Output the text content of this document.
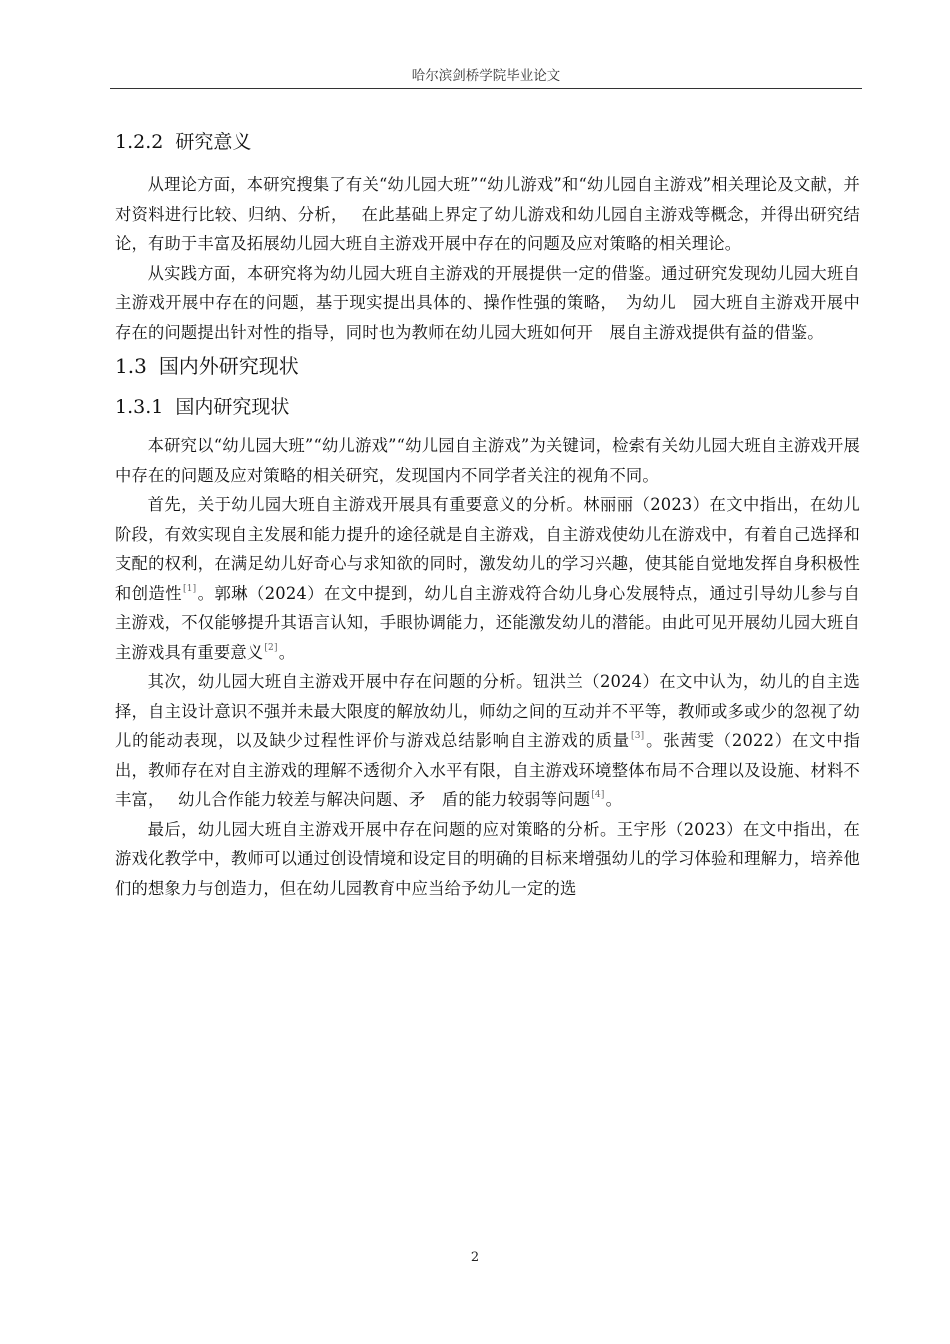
哈尔滨剑桥学院毕业论文
1.2.2 研究意义

从理论方面，本研究搜集了有关“幼儿园大班”“幼儿游戏”和“幼儿园自主游戏”相关理论及文献，并对资料进行比较、归纳、分析，　 在此基础上界定了幼儿游戏和幼儿园自主游戏等概念，并得出研究结论，有助于丰富及拓展幼儿园大班自主游戏开展中存在的问题及应对策略的相关理论。

从实践方面，本研究将为幼儿园大班自主游戏的开展提供一定的借鉴。通过研究发现幼儿园大班自主游戏开展中存在的问题，基于现实提出具体的、操作性强的策略，　为幼儿　园大班自主游戏开展中存在的问题提出针对性的指导，同时也为教师在幼儿园大班如何开　展自主游戏提供有益的借鉴。

1.3 国内外研究现状
1.3.1 国内研究现状

本研究以“幼儿园大班”“幼儿游戏”“幼儿园自主游戏”为关键词，检索有关幼儿园大班自主游戏开展中存在的问题及应对策略的相关研究，发现国内不同学者关注的视角不同。

首先，关于幼儿园大班自主游戏开展具有重要意义的分析。林丽丽（2023）在文中指出，在幼儿阶段，有效实现自主发展和能力提升的途径就是自主游戏，自主游戏使幼儿在游戏中，有着自己选择和支配的权利，在满足幼儿好奇心与求知欲的同时，激发幼儿的学习兴趣，使其能自觉地发挥自身积极性和创造性[1]。郭琳（2024）在文中提到，幼儿自主游戏符合幼儿身心发展特点，通过引导幼儿参与自主游戏，不仅能够提升其语言认知，手眼协调能力，还能激发幼儿的潜能。由此可见开展幼儿园大班自主游戏具有重要意义[2]。

其次，幼儿园大班自主游戏开展中存在问题的分析。钮洪兰（2024）在文中认为，幼儿的自主选择，自主设计意识不强并未最大限度的解放幼儿，师幼之间的互动并不平等，教师或多或少的忽视了幼儿的能动表现，以及缺少过程性评价与游戏总结影响自主游戏的质量[3]。张茜雯（2022）在文中指出，教师存在对自主游戏的理解不透彻介入水平有限，自主游戏环境整体布局不合理以及设施、材料不丰富，　 幼儿合作能力较差与解决问题、矛　盾的能力较弱等问题[4]。

最后，幼儿园大班自主游戏开展中存在问题的应对策略的分析。王宇彤（2023）在文中指出，在游戏化教学中，教师可以通过创设情境和设定目的明确的目标来增强幼儿的学习体验和理解力，培养他们的想象力与创造力，但在幼儿园教育中应当给予幼儿一定的选

2
